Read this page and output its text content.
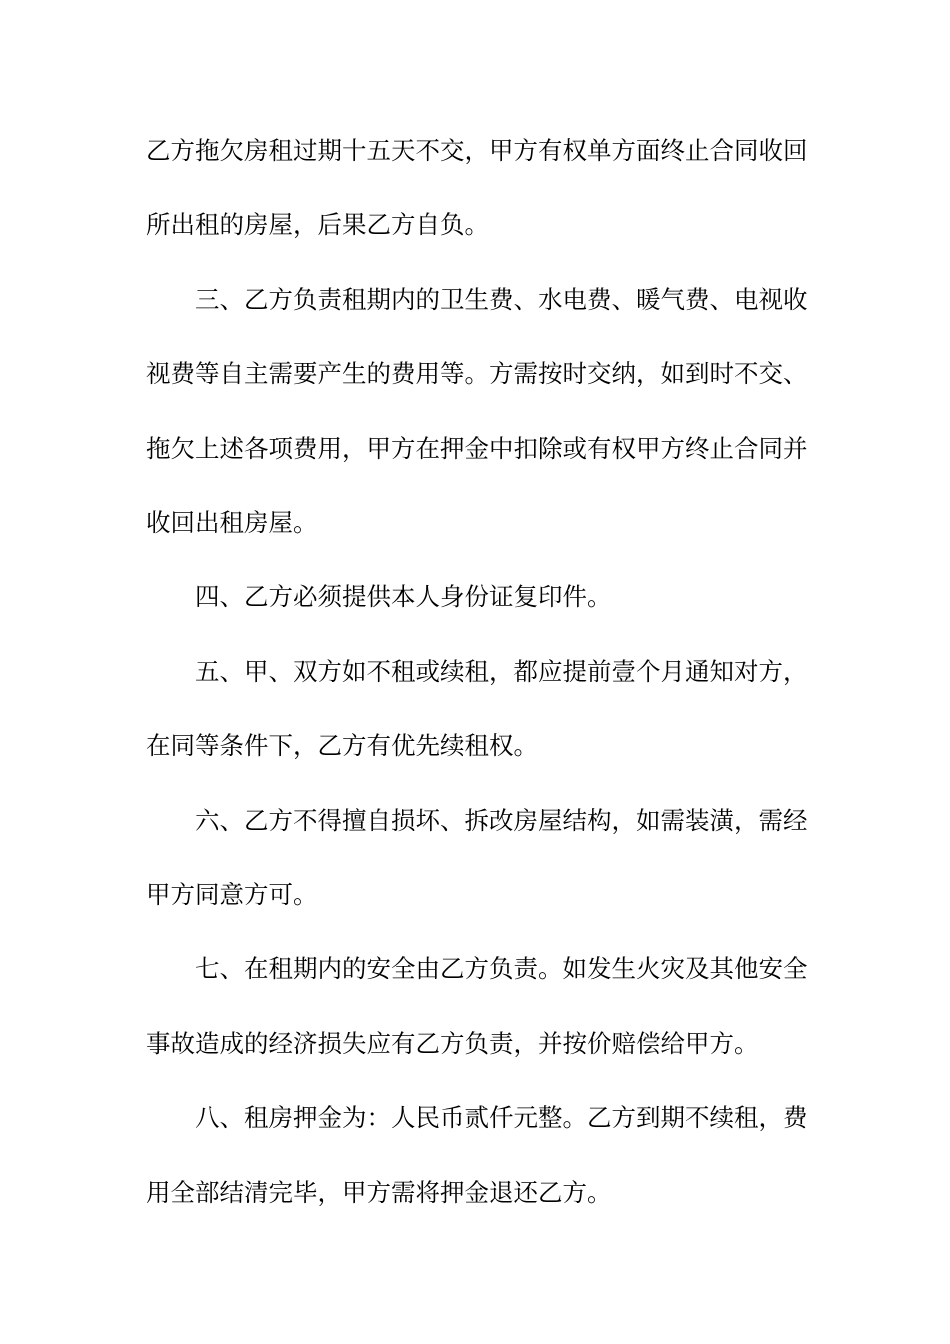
乙方拖欠房租过期十五天不交，甲方有权单方面终止合同收回
所出租的房屋，后果乙方自负。

三、乙方负责租期内的卫生费、水电费、暖气费、电视收
视费等自主需要产生的费用等。方需按时交纳，如到时不交、
拖欠上述各项费用，甲方在押金中扣除或有权甲方终止合同并
收回出租房屋。

四、乙方必须提供本人身份证复印件。

五、甲、双方如不租或续租，都应提前壹个月通知对方，
在同等条件下，乙方有优先续租权。

六、乙方不得擅自损坏、拆改房屋结构，如需装潢，需经
甲方同意方可。

七、在租期内的安全由乙方负责。如发生火灾及其他安全
事故造成的经济损失应有乙方负责，并按价赔偿给甲方。

八、租房押金为：人民币贰仟元整。乙方到期不续租，费
用全部结清完毕，甲方需将押金退还乙方。
